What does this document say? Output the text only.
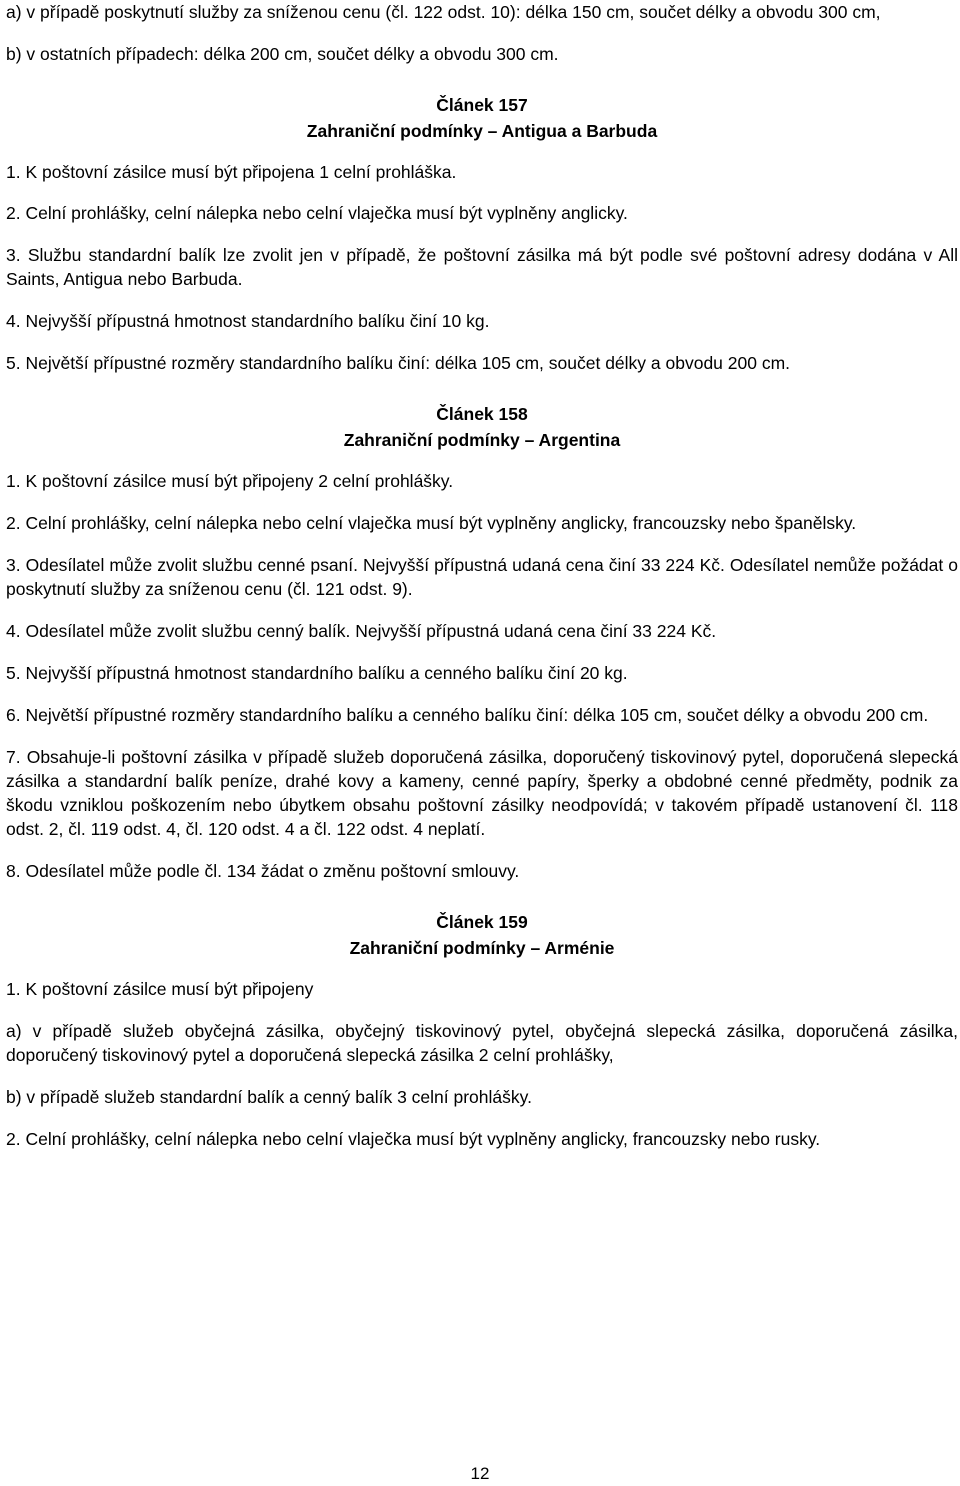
a) v případě poskytnutí služby za sníženou cenu (čl. 122 odst. 10): délka 150 cm, součet délky a obvodu 300 cm,

b) v ostatních případech: délka 200 cm, součet délky a obvodu 300 cm.

Článek 157
Zahraniční podmínky – Antigua a Barbuda

1. K poštovní zásilce musí být připojena 1 celní prohláška.

2. Celní prohlášky, celní nálepka nebo celní vlaječka musí být vyplněny anglicky.

3. Službu standardní balík lze zvolit jen v případě, že poštovní zásilka má být podle své poštovní adresy dodána v All Saints, Antigua nebo Barbuda.

4. Nejvyšší přípustná hmotnost standardního balíku činí 10 kg.

5. Největší přípustné rozměry standardního balíku činí: délka 105 cm, součet délky a obvodu 200 cm.

Článek 158
Zahraniční podmínky – Argentina

1. K poštovní zásilce musí být připojeny 2 celní prohlášky.

2. Celní prohlášky, celní nálepka nebo celní vlaječka musí být vyplněny anglicky, francouzsky nebo španělsky.

3. Odesílatel může zvolit službu cenné psaní. Nejvyšší přípustná udaná cena činí 33 224 Kč. Odesílatel nemůže požádat o poskytnutí služby za sníženou cenu (čl. 121 odst. 9).

4. Odesílatel může zvolit službu cenný balík. Nejvyšší přípustná udaná cena činí 33 224 Kč.

5. Nejvyšší přípustná hmotnost standardního balíku a cenného balíku činí 20 kg.

6. Největší přípustné rozměry standardního balíku a cenného balíku činí: délka 105 cm, součet délky a obvodu 200 cm.

7. Obsahuje-li poštovní zásilka v případě služeb doporučená zásilka, doporučený tiskovinový pytel, doporučená slepecká zásilka a standardní balík peníze, drahé kovy a kameny, cenné papíry, šperky a obdobné cenné předměty, podnik za škodu vzniklou poškozením nebo úbytkem obsahu poštovní zásilky neodpovídá; v takovém případě ustanovení čl. 118 odst. 2, čl. 119 odst. 4, čl. 120 odst. 4 a čl. 122 odst. 4 neplatí.

8. Odesílatel může podle čl. 134 žádat o změnu poštovní smlouvy.

Článek 159
Zahraniční podmínky – Arménie

1. K poštovní zásilce musí být připojeny

a) v případě služeb obyčejná zásilka, obyčejný tiskovinový pytel, obyčejná slepecká zásilka, doporučená zásilka, doporučený tiskovinový pytel a doporučená slepecká zásilka 2 celní prohlášky,

b) v případě služeb standardní balík a cenný balík 3 celní prohlášky.

2. Celní prohlášky, celní nálepka nebo celní vlaječka musí být vyplněny anglicky, francouzsky nebo rusky.

12
